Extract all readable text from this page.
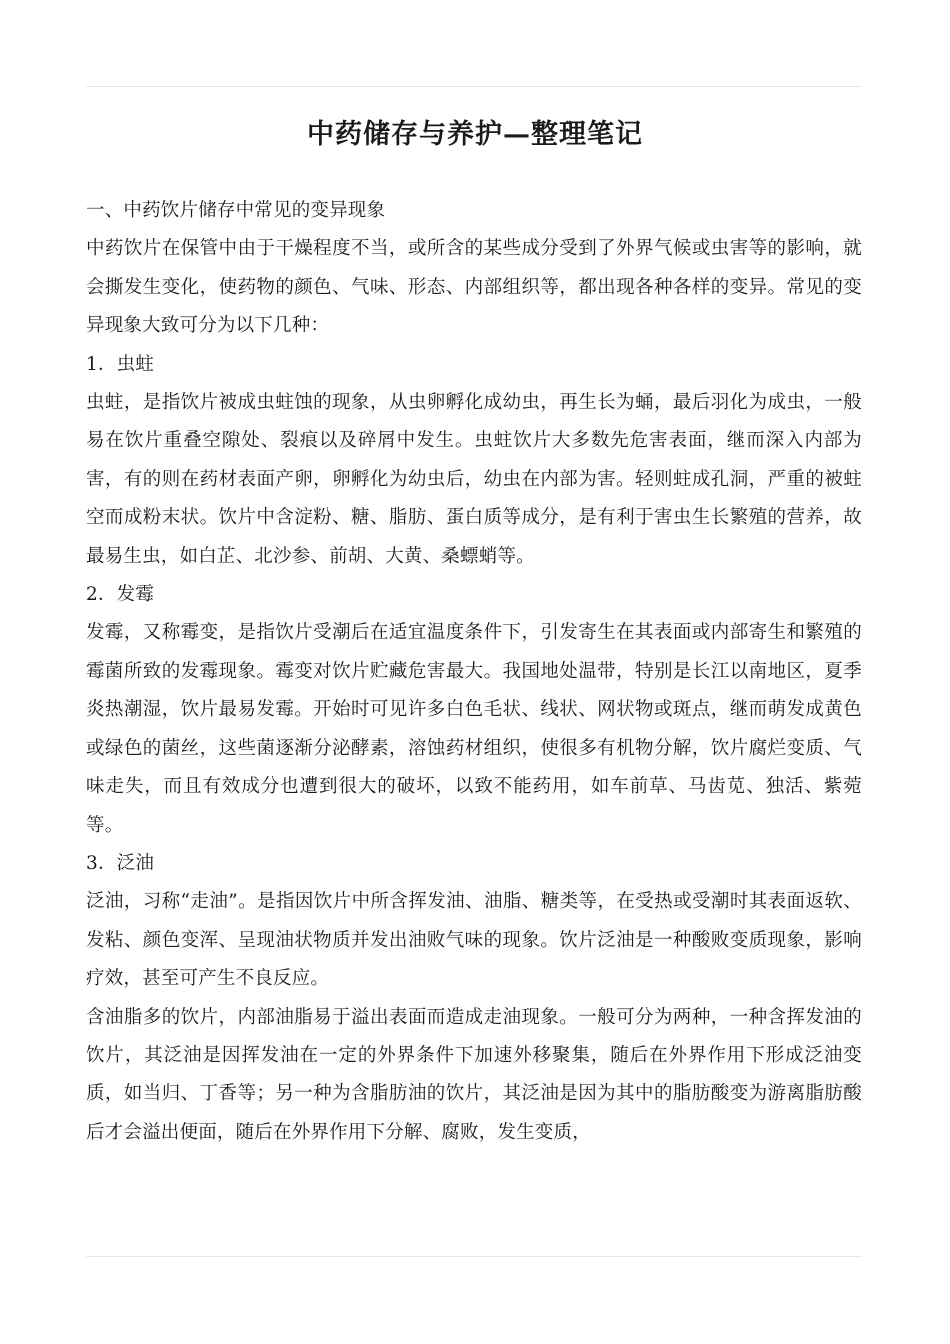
中药储存与养护—整理笔记

一、中药饮片储存中常见的变异现象

中药饮片在保管中由于干燥程度不当，或所含的某些成分受到了外界气候或虫害等的影响，就会撕发生变化，使药物的颜色、气味、形态、内部组织等，都出现各种各样的变异。常见的变异现象大致可分为以下几种：

1．虫蛀

虫蛀，是指饮片被成虫蛀蚀的现象，从虫卵孵化成幼虫，再生长为蛹，最后羽化为成虫，一般易在饮片重叠空隙处、裂痕以及碎屑中发生。虫蛀饮片大多数先危害表面，继而深入内部为害，有的则在药材表面产卵，卵孵化为幼虫后，幼虫在内部为害。轻则蛀成孔洞，严重的被蛀空而成粉末状。饮片中含淀粉、糖、脂肪、蛋白质等成分，是有利于害虫生长繁殖的营养，故最易生虫，如白芷、北沙参、前胡、大黄、桑螵蛸等。

2．发霉

发霉，又称霉变，是指饮片受潮后在适宜温度条件下，引发寄生在其表面或内部寄生和繁殖的霉菌所致的发霉现象。霉变对饮片贮藏危害最大。我国地处温带，特别是长江以南地区，夏季炎热潮湿，饮片最易发霉。开始时可见许多白色毛状、线状、网状物或斑点，继而萌发成黄色或绿色的菌丝，这些菌逐渐分泌酵素，溶蚀药材组织，使很多有机物分解，饮片腐烂变质、气味走失，而且有效成分也遭到很大的破坏，以致不能药用，如车前草、马齿苋、独活、紫菀等。

3．泛油

泛油，习称“走油”。是指因饮片中所含挥发油、油脂、糖类等，在受热或受潮时其表面返软、发粘、颜色变浑、呈现油状物质并发出油败气味的现象。饮片泛油是一种酸败变质现象，影响疗效，甚至可产生不良反应。

含油脂多的饮片，内部油脂易于溢出表面而造成走油现象。一般可分为两种，一种含挥发油的饮片，其泛油是因挥发油在一定的外界条件下加速外移聚集，随后在外界作用下形成泛油变质，如当归、丁香等；另一种为含脂肪油的饮片，其泛油是因为其中的脂肪酸变为游离脂肪酸后才会溢出便面，随后在外界作用下分解、腐败，发生变质，
